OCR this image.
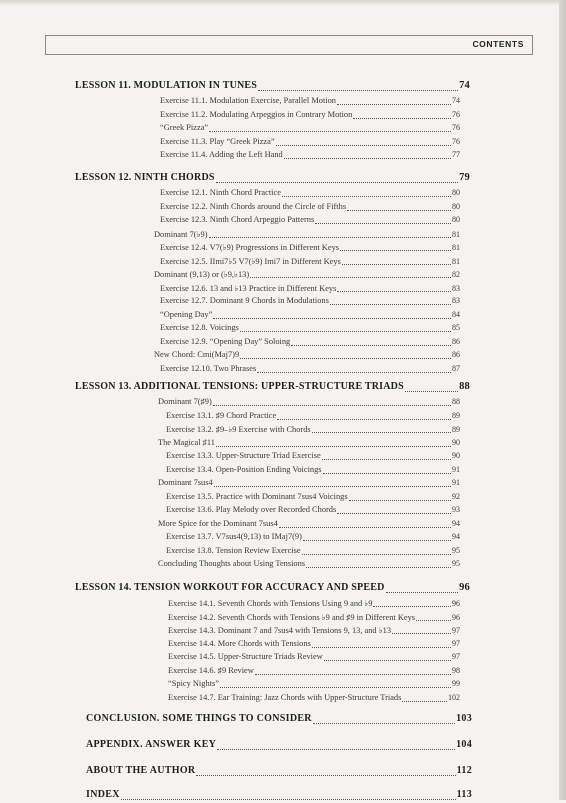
CONTENTS
LESSON 11. MODULATION IN TUNES	74
Exercise 11.1. Modulation Exercise, Parallel Motion	74
Exercise 11.2. Modulating Arpeggios in Contrary Motion	76
“Greek Pizza”	76
Exercise 11.3. Play “Greek Pizza”	76
Exercise 11.4. Adding the Left Hand	77
LESSON 12. NINTH CHORDS	79
Exercise 12.1. Ninth Chord Practice	80
Exercise 12.2. Ninth Chords around the Circle of Fifths	80
Exercise 12.3. Ninth Chord Arpeggio Patterns	80
Dominant 7(♭9)	81
Exercise 12.4. V7(♭9) Progressions in Different Keys	81
Exercise 12.5. IImi7♭5 V7(♭9) Imi7 in Different Keys	81
Dominant (9,13) or (♭9,♭13)	82
Exercise 12.6. 13 and ♭13 Practice in Different Keys	83
Exercise 12.7. Dominant 9 Chords in Modulations	83
“Opening Day”	84
Exercise 12.8. Voicings	85
Exercise 12.9. “Opening Day” Soloing	86
New Chord: Cmi(Maj7)9	86
Exercise 12.10. Two Phrases	87
LESSON 13. ADDITIONAL TENSIONS: UPPER-STRUCTURE TRIADS	88
Dominant 7(♯9)	88
Exercise 13.1. ♯9 Chord Practice	89
Exercise 13.2. ♯9–♭9 Exercise with Chords	89
The Magical ♯11	90
Exercise 13.3. Upper-Structure Triad Exercise	90
Exercise 13.4. Open-Position Ending Voicings	91
Dominant 7sus4	91
Exercise 13.5. Practice with Dominant 7sus4 Voicings	92
Exercise 13.6. Play Melody over Recorded Chords	93
More Spice for the Dominant 7sus4	94
Exercise 13.7. V7sus4(9,13) to IMaj7(9)	94
Exercise 13.8. Tension Review Exercise	95
Concluding Thoughts about Using Tensions	95
LESSON 14. TENSION WORKOUT FOR ACCURACY AND SPEED	96
Exercise 14.1. Seventh Chords with Tensions Using 9 and ♭9	96
Exercise 14.2. Seventh Chords with Tensions ♭9 and ♯9 in Different Keys	96
Exercise 14.3. Dominant 7 and 7sus4 with Tensions 9, 13, and ♭13	97
Exercise 14.4. More Chords with Tensions	97
Exercise 14.5. Upper-Structure Triads Review	97
Exercise 14.6. ♯9 Review	98
“Spicy Nights”	99
Exercise 14.7. Ear Training: Jazz Chords with Upper-Structure Triads	102
CONCLUSION. SOME THINGS TO CONSIDER	103
APPENDIX. ANSWER KEY	104
ABOUT THE AUTHOR	112
INDEX	113
